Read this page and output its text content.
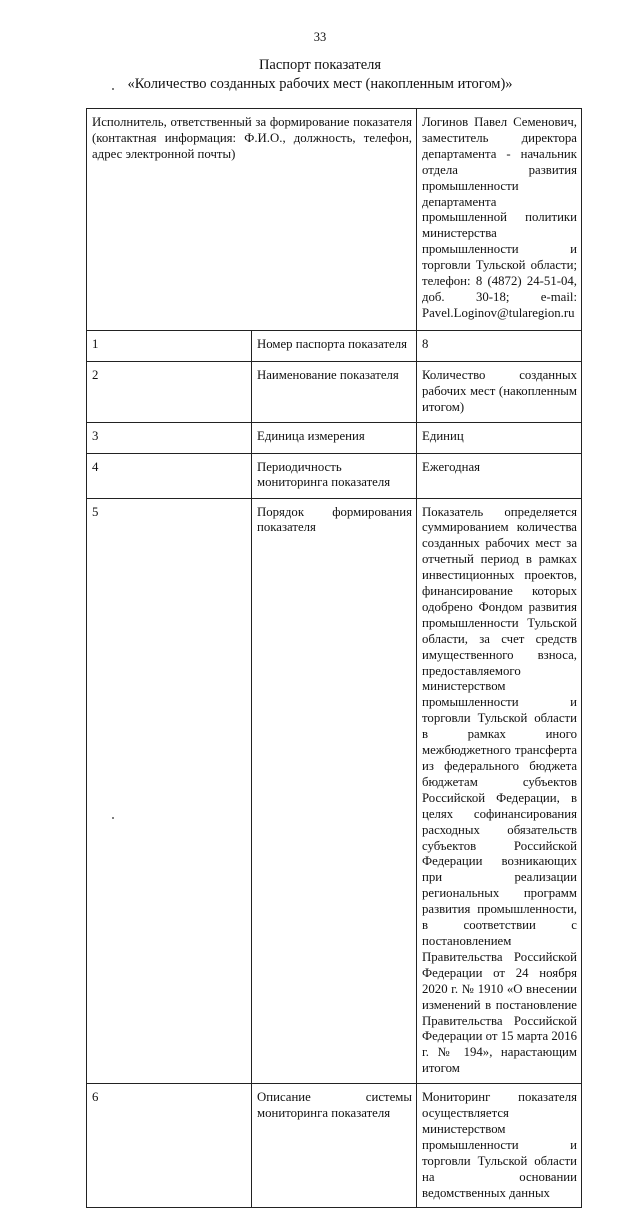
33
Паспорт показателя
«Количество созданных рабочих мест (накопленным итогом)»
Исполнитель, ответственный за формирование показателя (контактная информация: Ф.И.О., должность, телефон, адрес электронной почты)		Логинов Павел Семенович, заместитель директора департамента - начальник отдела развития промышленности департамента промышленной политики министерства промышленности и торговли Тульской области; телефон: 8 (4872) 24-51-04, доб. 30-18; e-mail: Pavel.Loginov@tularegion.ru
1	Номер паспорта показателя	8
2	Наименование показателя	Количество созданных рабочих мест (накопленным итогом)
3	Единица измерения	Единиц
4	Периодичность мониторинга показателя	Ежегодная
5	Порядок формирования показателя	Показатель определяется суммированием количества созданных рабочих мест за отчетный период в рамках инвестиционных проектов, финансирование которых одобрено Фондом развития промышленности Тульской области, за счет средств имущественного взноса, предоставляемого министерством промышленности и торговли Тульской области в рамках иного межбюджетного трансферта из федерального бюджета бюджетам субъектов Российской Федерации, в целях софинансирования расходных обязательств субъектов Российской Федерации возникающих при реализации региональных программ развития промышленности, в соответствии с постановлением Правительства Российской Федерации от 24 ноября 2020 г. № 1910 «О внесении изменений в постановление Правительства Российской Федерации от 15 марта 2016 г. № 194», нарастающим итогом
6	Описание системы мониторинга показателя	Мониторинг показателя осуществляется министерством промышленности и торговли Тульской области на основании ведомственных данных
